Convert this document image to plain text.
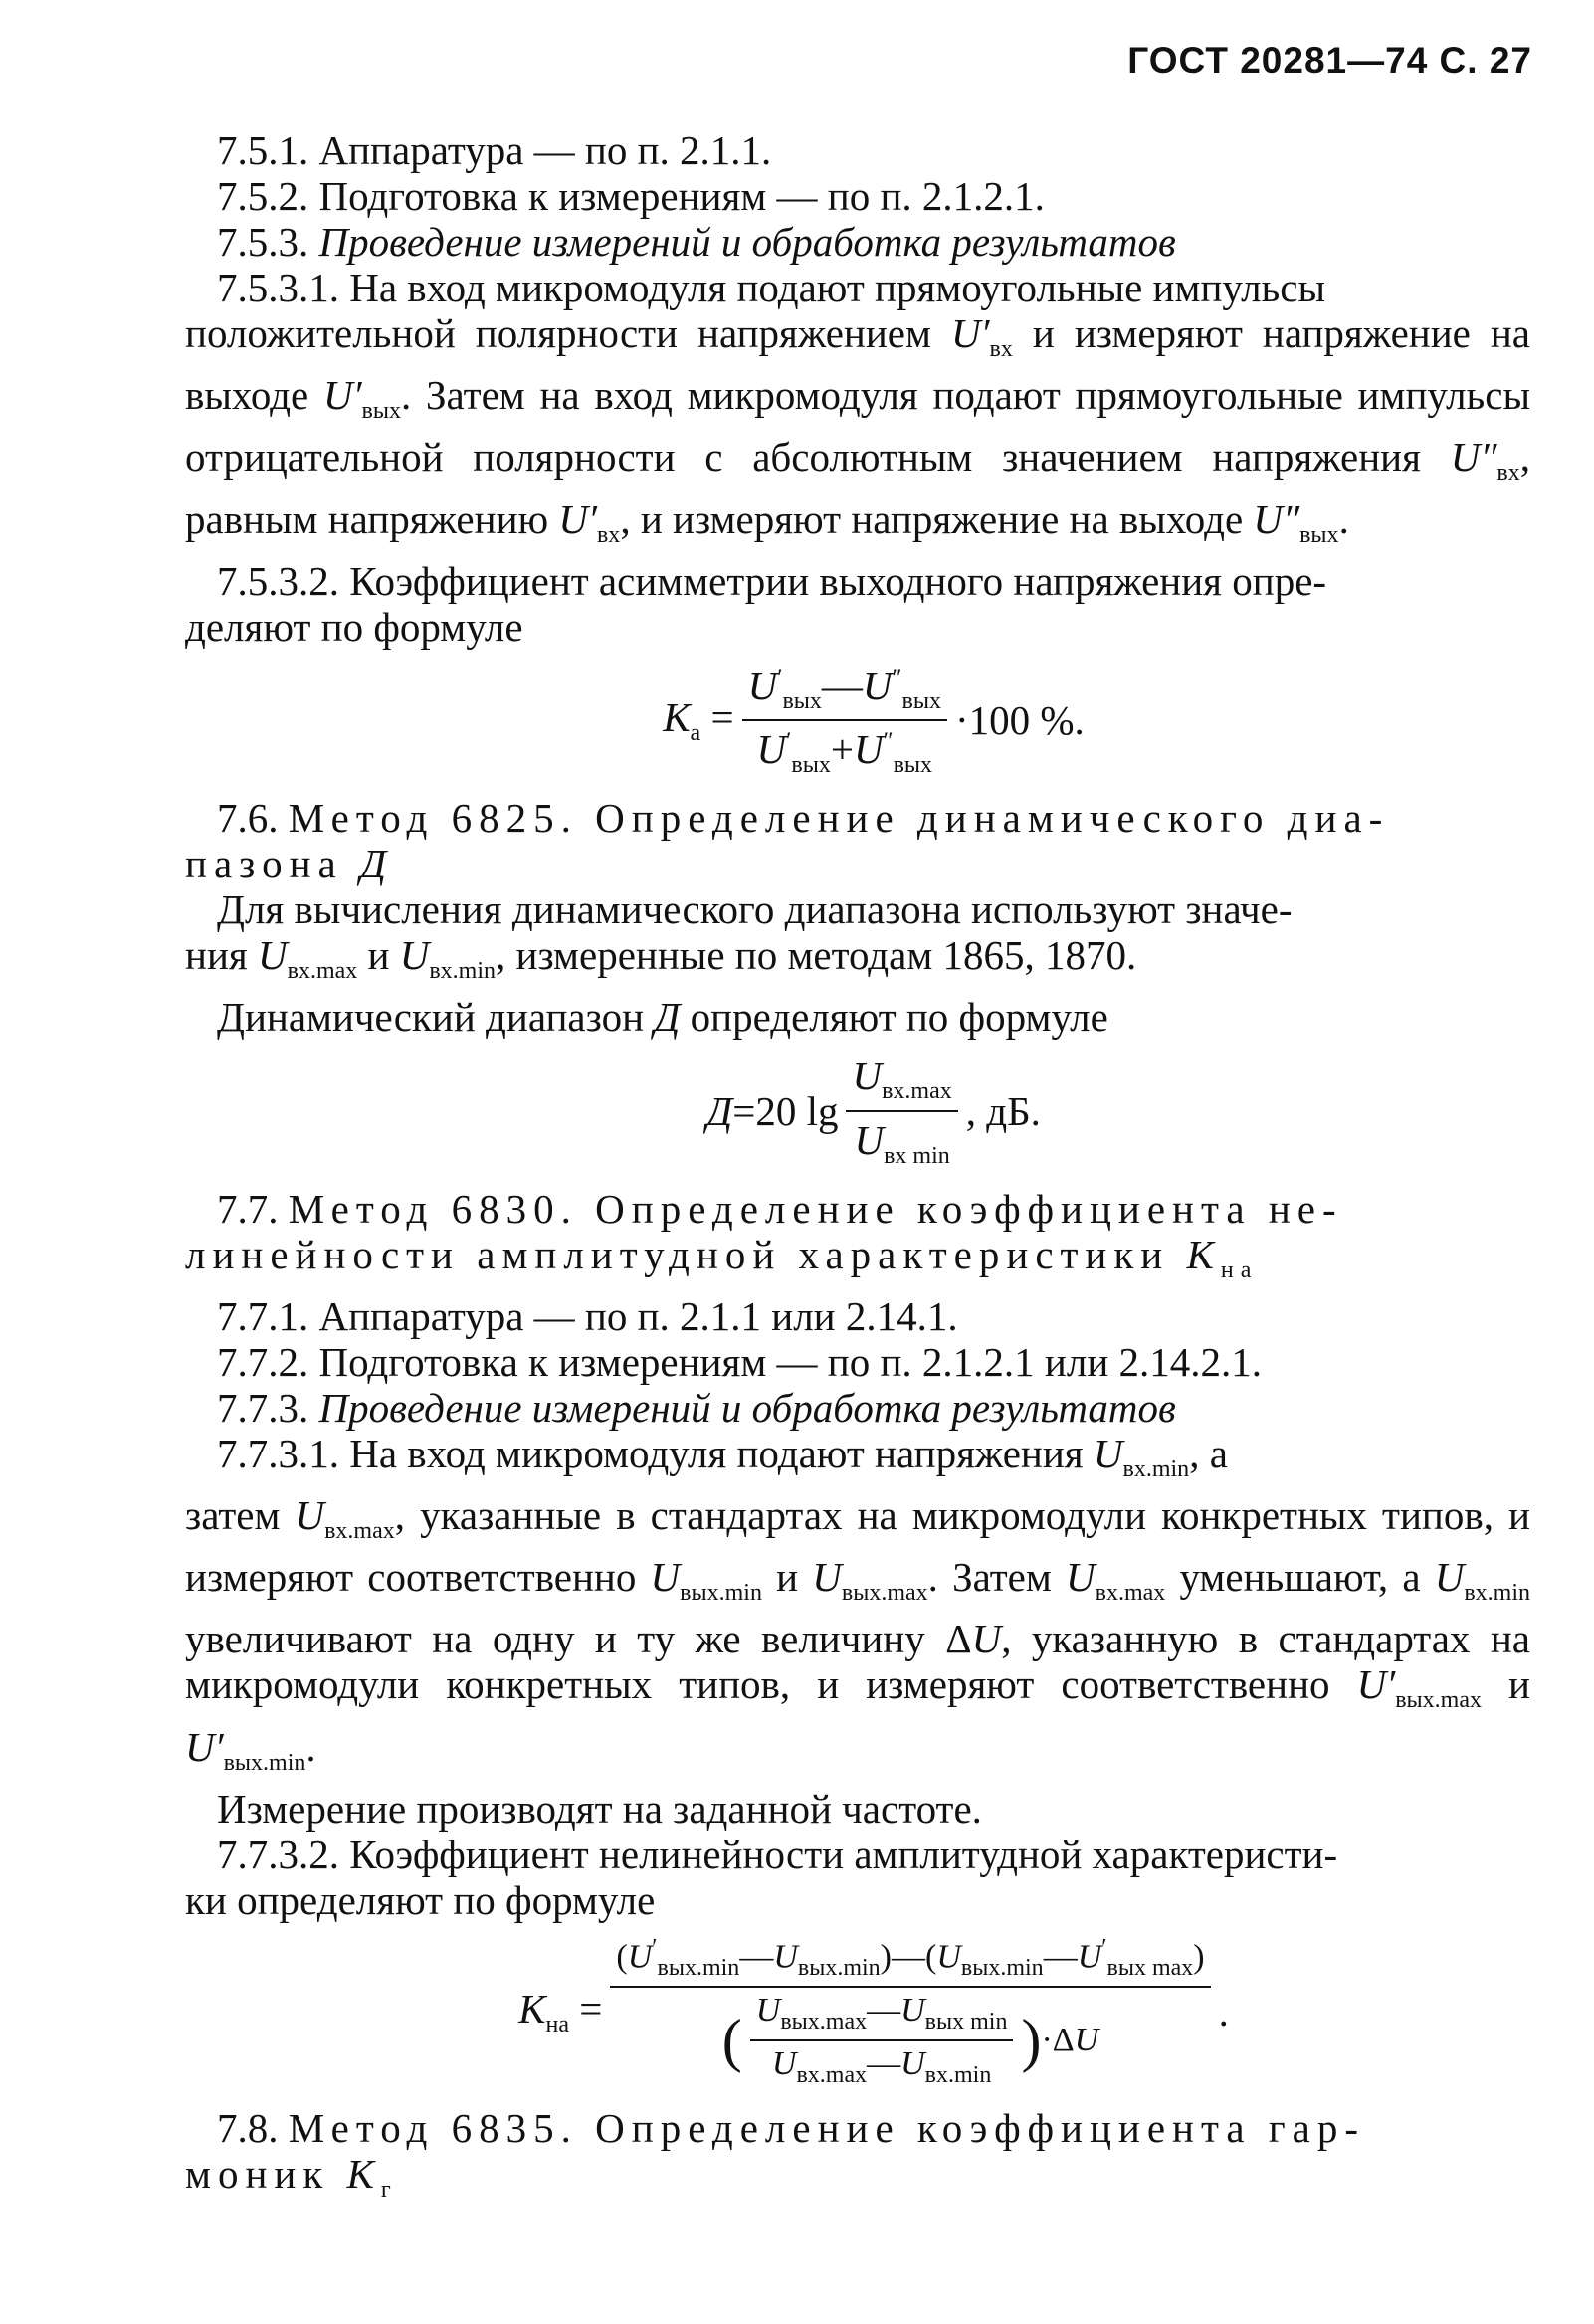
ГОСТ 20281—74 С. 27

7.5.1. Аппаратура — по п. 2.1.1.

7.5.2. Подготовка к измерениям — по п. 2.1.2.1.

7.5.3. Проведение измерений и обработка результатов

7.5.3.1. На вход микромодуля подают прямоугольные импульсы

положительной полярности напряжением $U'_{вх}$ и измеряют напряжение на выходе $U'_{вых}$. Затем на вход микромодуля подают прямоугольные импульсы отрицательной полярности с абсолютным значением напряжения $U''_{вх}$, равным напряжению $U'_{вх}$, и измеряют напряжение на выходе $U''_{вых}$.

7.5.3.2. Коэффициент асимметрии выходного напряжения опре-

деляют по формуле

$K_а = \frac{U'_{вых}—U''_{вых}}{U'_{вых}+U''_{вых}} \cdot 100$ %.

7.6. Метод 6825. Определение динамического диа-

пазона Д

Для вычисления динамического диапазона используют значе-

ния $U_{вх.max}$ и $U_{вх.min}$, измеренные по методам 1865, 1870.

Динамический диапазон Д определяют по формуле

Д=20 $\lg \frac{U_{вх.max}}{U_{вх min}}$ , дБ.

7.7. Метод 6830. Определение коэффициента не-

линейности амплитудной характеристики $K_{на}$

7.7.1. Аппаратура — по п. 2.1.1 или 2.14.1.

7.7.2. Подготовка к измерениям — по п. 2.1.2.1 или 2.14.2.1.

7.7.3. Проведение измерений и обработка результатов

7.7.3.1. На вход микромодуля подают напряжения $U_{вх.min}$, а

затем $U_{вх.max}$, указанные в стандартах на микромодули конкретных типов, и измеряют соответственно $U_{вых.min}$ и $U_{вых.max}$. Затем $U_{вх.max}$ уменьшают, а $U_{вх.min}$ увеличивают на одну и ту же величину ΔU, указанную в стандартах на микромодули конкретных типов, и измеряют соответственно $U'_{вых.max}$ и $U'_{вых.min}$.

Измерение производят на заданной частоте.

7.7.3.2. Коэффициент нелинейности амплитудной характеристи-

ки определяют по формуле

$K_{на}$ =
$(U'_{вых.min}—U_{вых.min})—(U_{вых.min}—U'_{вых max})$
( $\frac{U_{вых.max}—U_{вых min}}{U_{вх.max}—U_{вх.min}}$ ) ·ΔU
.

7.8. Метод 6835. Определение коэффициента гар-

моник $K_г$
